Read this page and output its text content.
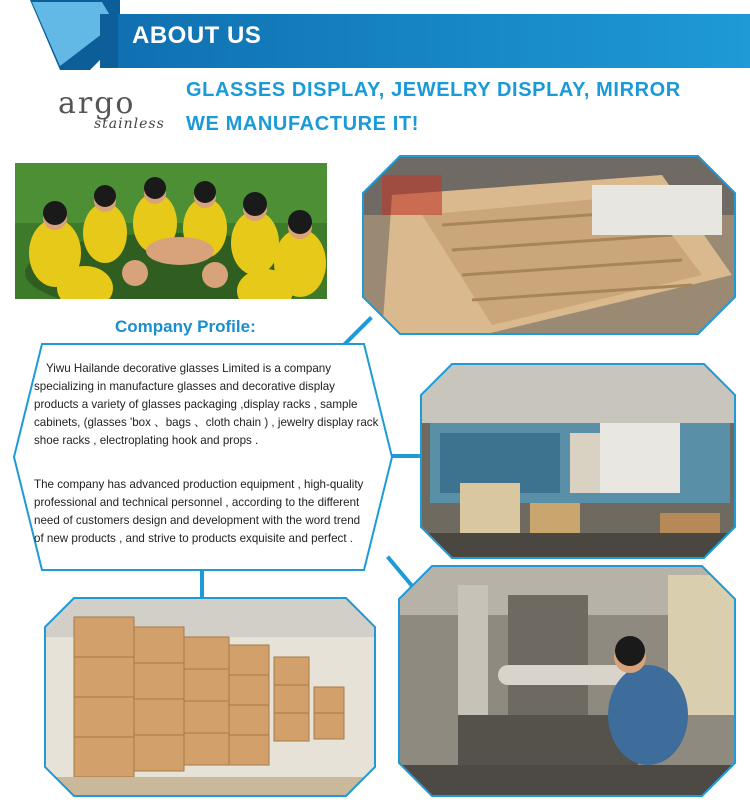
ABOUT US
argo
stainless
GLASSES DISPLAY, JEWELRY DISPLAY, MIRROR
WE MANUFACTURE IT!
Company Profile:
Yiwu Hailande decorative glasses Limited is a company
specializing in manufacture glasses and decorative display
products a variety of glasses packaging ,display racks , sample
cabinets, (glasses 'box 、bags 、cloth chain ) , jewelry display rack
shoe racks , electroplating hook and props .
The company has advanced production equipment , high-quality
professional and technical personnel , according to the different
need of customers design and development with the word trend
of new products , and strive to products exquisite and perfect .
